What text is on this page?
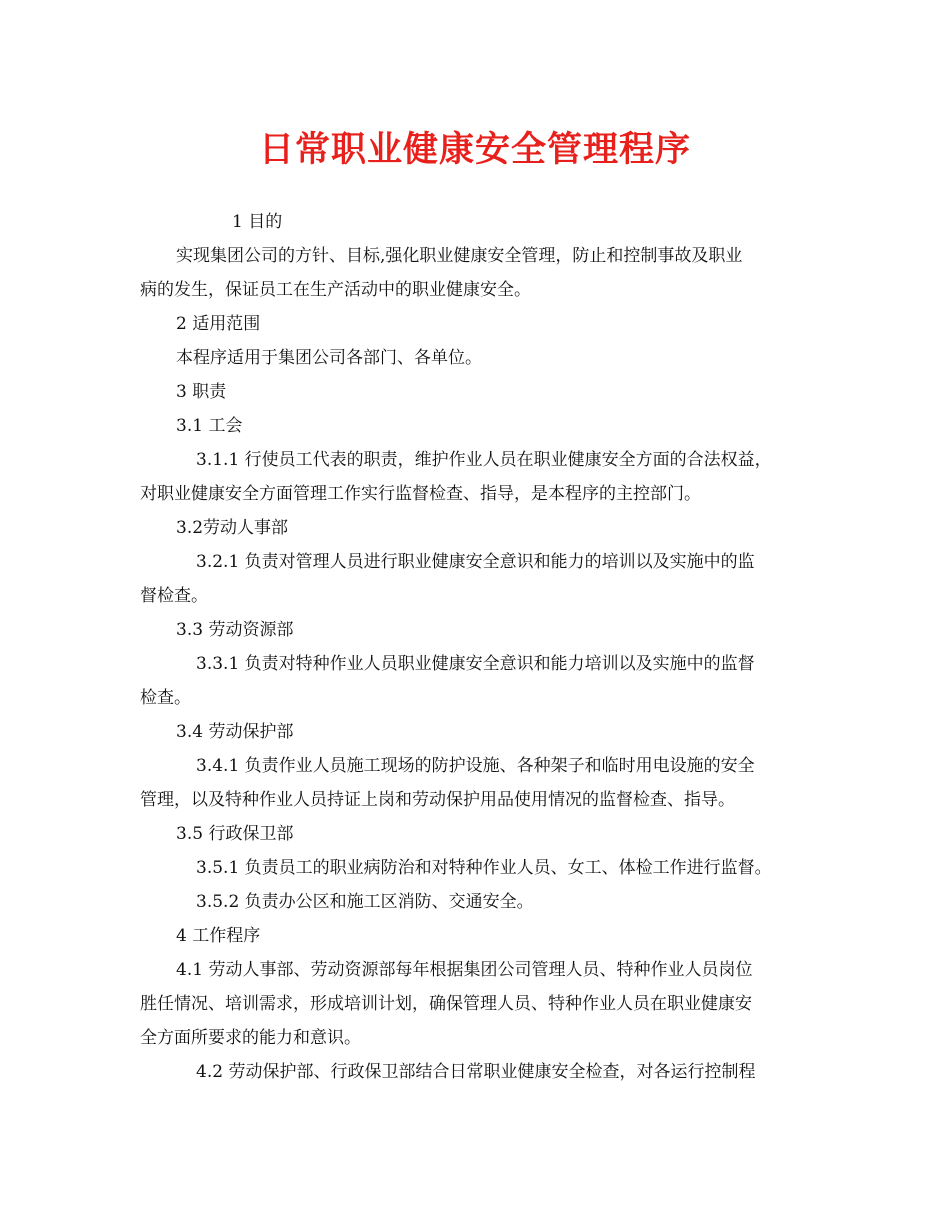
日常职业健康安全管理程序

1 目的

实现集团公司的方针、目标,强化职业健康安全管理，防止和控制事故及职业

病的发生，保证员工在生产活动中的职业健康安全。

2 适用范围

本程序适用于集团公司各部门、各单位。

3 职责

3.1 工会

3.1.1 行使员工代表的职责，维护作业人员在职业健康安全方面的合法权益，

对职业健康安全方面管理工作实行监督检查、指导，是本程序的主控部门。

3.2劳动人事部

3.2.1 负责对管理人员进行职业健康安全意识和能力的培训以及实施中的监

督检查。

3.3 劳动资源部

3.3.1 负责对特种作业人员职业健康安全意识和能力培训以及实施中的监督

检查。

3.4 劳动保护部

3.4.1 负责作业人员施工现场的防护设施、各种架子和临时用电设施的安全

管理，以及特种作业人员持证上岗和劳动保护用品使用情况的监督检查、指导。

3.5 行政保卫部

3.5.1 负责员工的职业病防治和对特种作业人员、女工、体检工作进行监督。

3.5.2 负责办公区和施工区消防、交通安全。

4 工作程序

4.1 劳动人事部、劳动资源部每年根据集团公司管理人员、特种作业人员岗位

胜任情况、培训需求，形成培训计划，确保管理人员、特种作业人员在职业健康安

全方面所要求的能力和意识。

4.2 劳动保护部、行政保卫部结合日常职业健康安全检查，对各运行控制程
